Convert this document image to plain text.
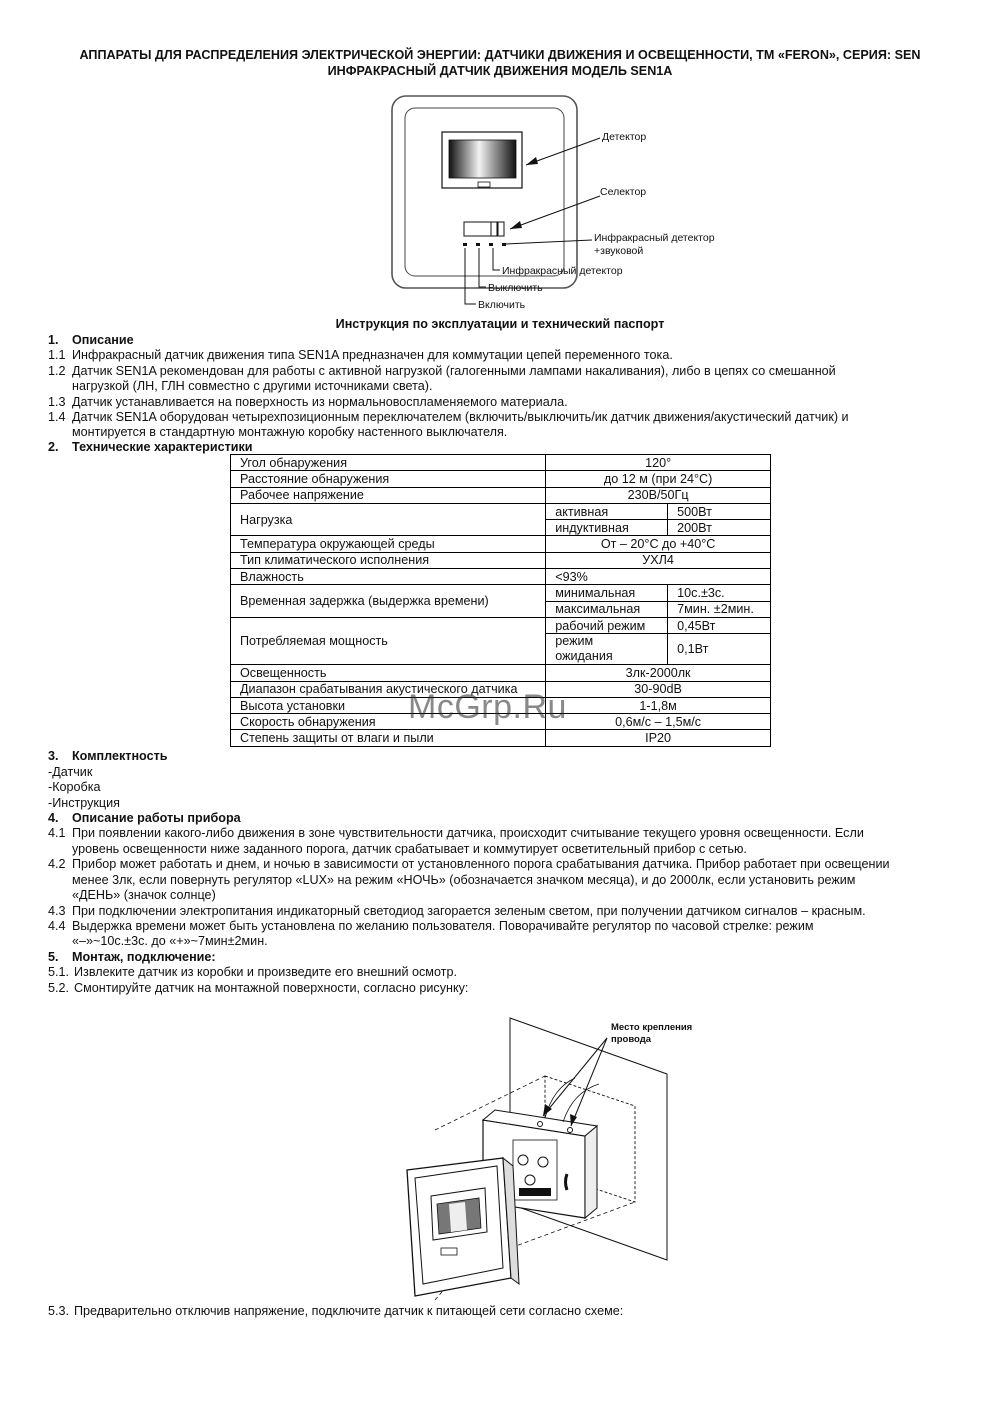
АППАРАТЫ ДЛЯ РАСПРЕДЕЛЕНИЯ ЭЛЕКТРИЧЕСКОЙ ЭНЕРГИИ: ДАТЧИКИ ДВИЖЕНИЯ И ОСВЕЩЕННОСТИ, ТМ «FERON», СЕРИЯ: SEN
ИНФРАКРАСНЫЙ ДАТЧИК ДВИЖЕНИЯ МОДЕЛЬ SEN1A
Детектор
Селектор
Инфракрасный детектор
+звуковой
Инфракрасный детектор
Выключить
Включить
Инструкция по эксплуатации и технический паспорт
1. Описание
1.1 Инфракрасный датчик движения типа SEN1A предназначен для коммутации цепей переменного тока.
1.2 Датчик SEN1A рекомендован для работы с активной нагрузкой (галогенными лампами накаливания), либо в цепях со смешанной
нагрузкой (ЛН, ГЛН совместно с другими источниками света).
1.3 Датчик устанавливается на поверхность из нормальновоспламеняемого материала.
1.4 Датчик SEN1A оборудован четырехпозиционным переключателем (включить/выключить/ик датчик движения/акустический датчик) и
монтируется в стандартную монтажную коробку настенного выключателя.
2. Технические характеристики
Угол обнаружения	120°	
Расстояние обнаружения	до 12 м (при 24°С)	
Рабочее напряжение	230В/50Гц	
Нагрузка	активная	500Вт
	индуктивная	200Вт
Температура окружающей среды	От – 20°С до +40°С	
Тип климатического исполнения	УХЛ4	
Влажность	<93%	
Временная задержка (выдержка времени)	минимальная	10с.±3с.
	максимальная	7мин. ±2мин.
Потребляемая мощность	рабочий режим	0,45Вт
	режим
ожидания	0,1Вт
Освещенность	3лк-2000лк	
Диапазон срабатывания акустического датчика	30-90dB	
Высота установки	1-1,8м	
Скорость обнаружения	0,6м/с – 1,5м/с	
Степень защиты от влаги и пыли	IP20	
McGrp.Ru
3. Комплектность
-Датчик
-Коробка
-Инструкция
4. Описание работы прибора
4.1 При появлении какого-либо движения в зоне чувствительности датчика, происходит считывание текущего уровня освещенности. Если
уровень освещенности ниже заданного порога, датчик срабатывает и коммутирует осветительный прибор с сетью.
4.2 Прибор может работать и днем, и ночью в зависимости от установленного порога срабатывания датчика. Прибор работает при освещении
менее 3лк, если повернуть регулятор «LUX» на режим «НОЧЬ» (обозначается значком месяца), и до 2000лк, если установить режим
«ДЕНЬ» (значок солнце)
4.3 При подключении электропитания индикаторный светодиод загорается зеленым светом, при получении датчиком сигналов – красным.
4.4 Выдержка времени может быть установлена по желанию пользователя. Поворачивайте регулятор по часовой стрелке: режим
«–»~10с.±3с. до «+»~7мин±2мин.
5. Монтаж, подключение:
5.1. Извлеките датчик из коробки и произведите его внешний осмотр.
5.2. Смонтируйте датчик на монтажной поверхности, согласно рисунку:
Место крепления
провода
5.3. Предварительно отключив напряжение, подключите датчик к питающей сети согласно схеме:
